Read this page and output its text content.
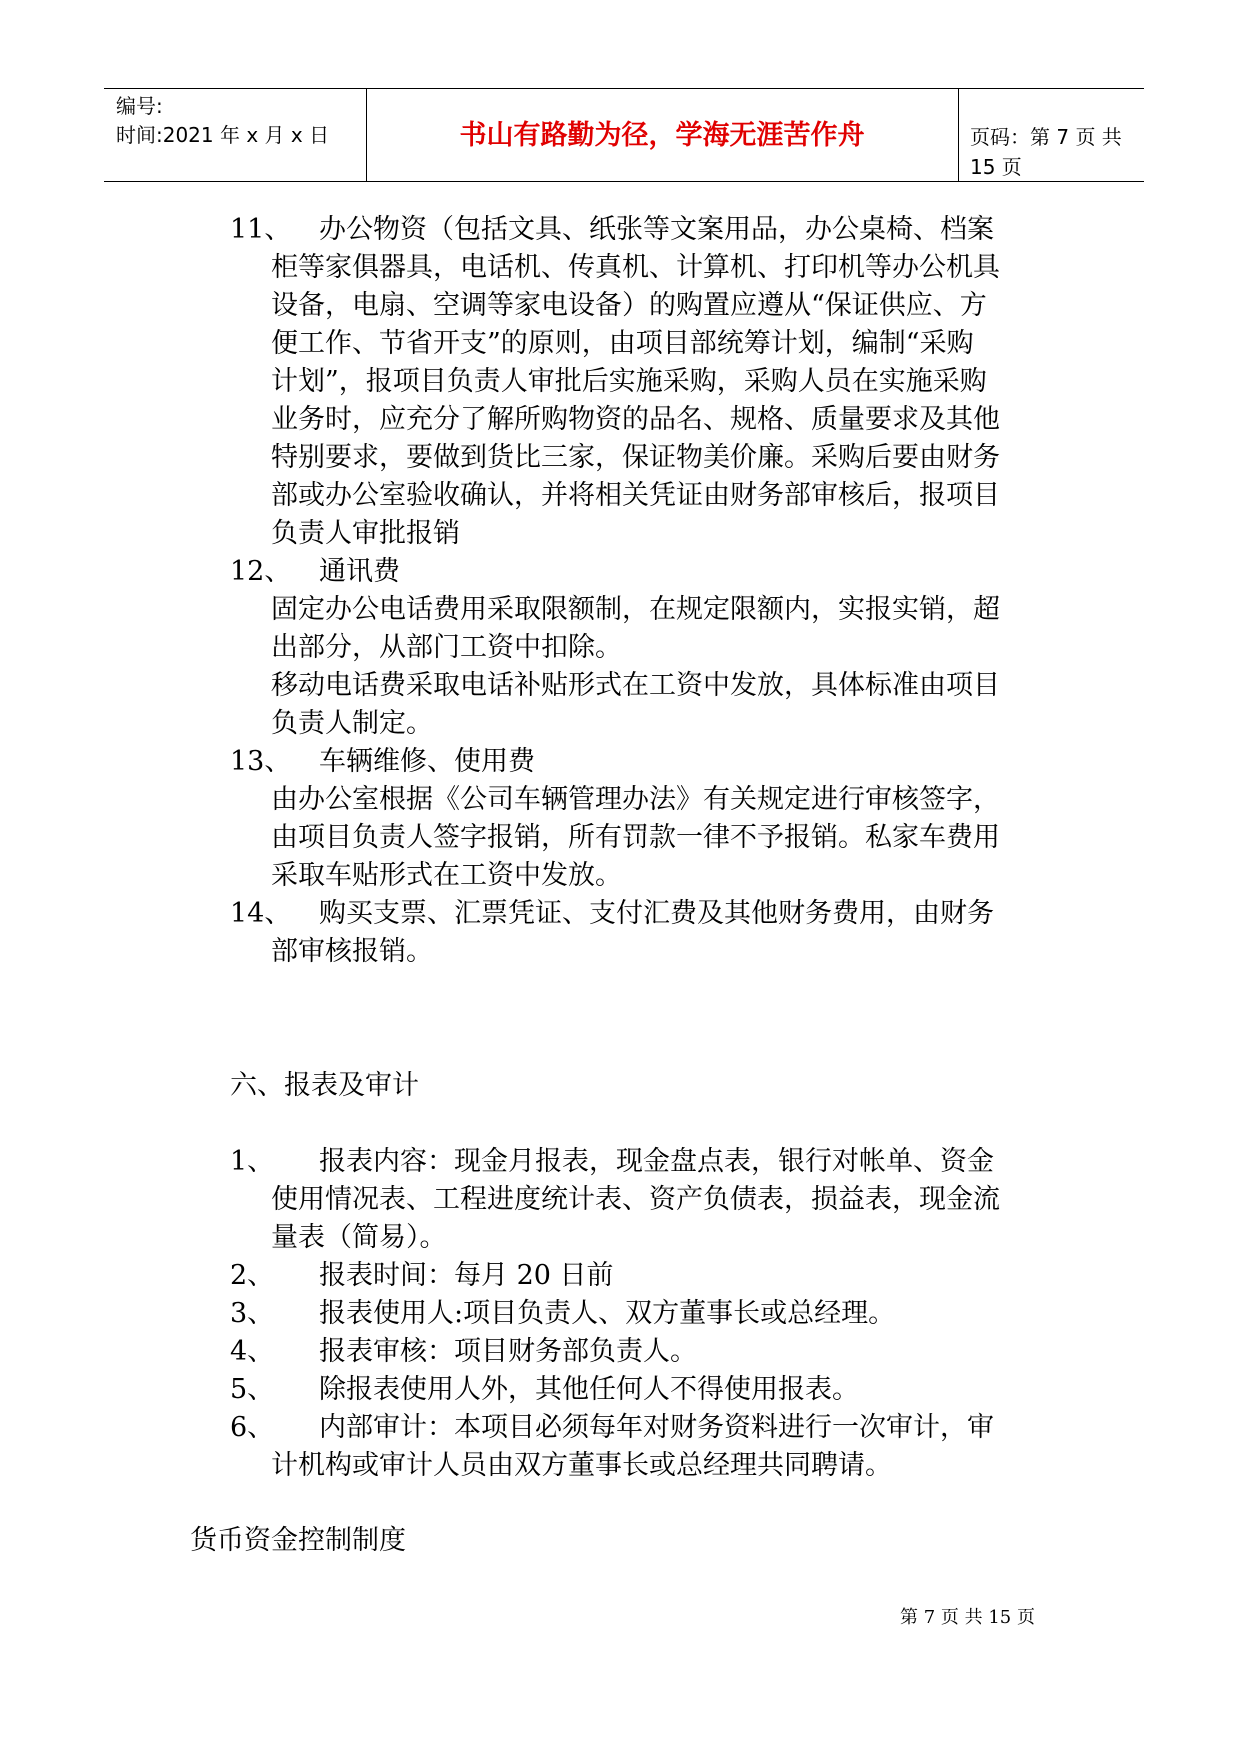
编号:
时间:2021 年 x 月 x 日	书山有路勤为径，学海无涯苦作舟	页码：第 7 页 共 15 页
11、 办公物资（包括文具、纸张等文案用品，办公桌椅、档案
柜等家俱器具，电话机、传真机、计算机、打印机等办公机具
设备，电扇、空调等家电设备）的购置应遵从“保证供应、方
便工作、节省开支”的原则，由项目部统筹计划，编制“采购
计划”，报项目负责人审批后实施采购，采购人员在实施采购
业务时，应充分了解所购物资的品名、规格、质量要求及其他
特别要求，要做到货比三家，保证物美价廉。采购后要由财务
部或办公室验收确认，并将相关凭证由财务部审核后，报项目
负责人审批报销
12、 通讯费
固定办公电话费用采取限额制，在规定限额内，实报实销，超
出部分，从部门工资中扣除。
移动电话费采取电话补贴形式在工资中发放，具体标准由项目
负责人制定。
13、 车辆维修、使用费
由办公室根据《公司车辆管理办法》有关规定进行审核签字，
由项目负责人签字报销，所有罚款一律不予报销。私家车费用
采取车贴形式在工资中发放。
14、 购买支票、汇票凭证、支付汇费及其他财务费用，由财务
部审核报销。
六、报表及审计
1、 报表内容：现金月报表，现金盘点表，银行对帐单、资金
使用情况表、工程进度统计表、资产负债表，损益表，现金流
量表（简易）。
2、 报表时间：每月 20 日前
3、 报表使用人:项目负责人、双方董事长或总经理。
4、 报表审核：项目财务部负责人。
5、 除报表使用人外，其他任何人不得使用报表。
6、 内部审计：本项目必须每年对财务资料进行一次审计，审
计机构或审计人员由双方董事长或总经理共同聘请。
货币资金控制制度
第 7 页 共 15 页
